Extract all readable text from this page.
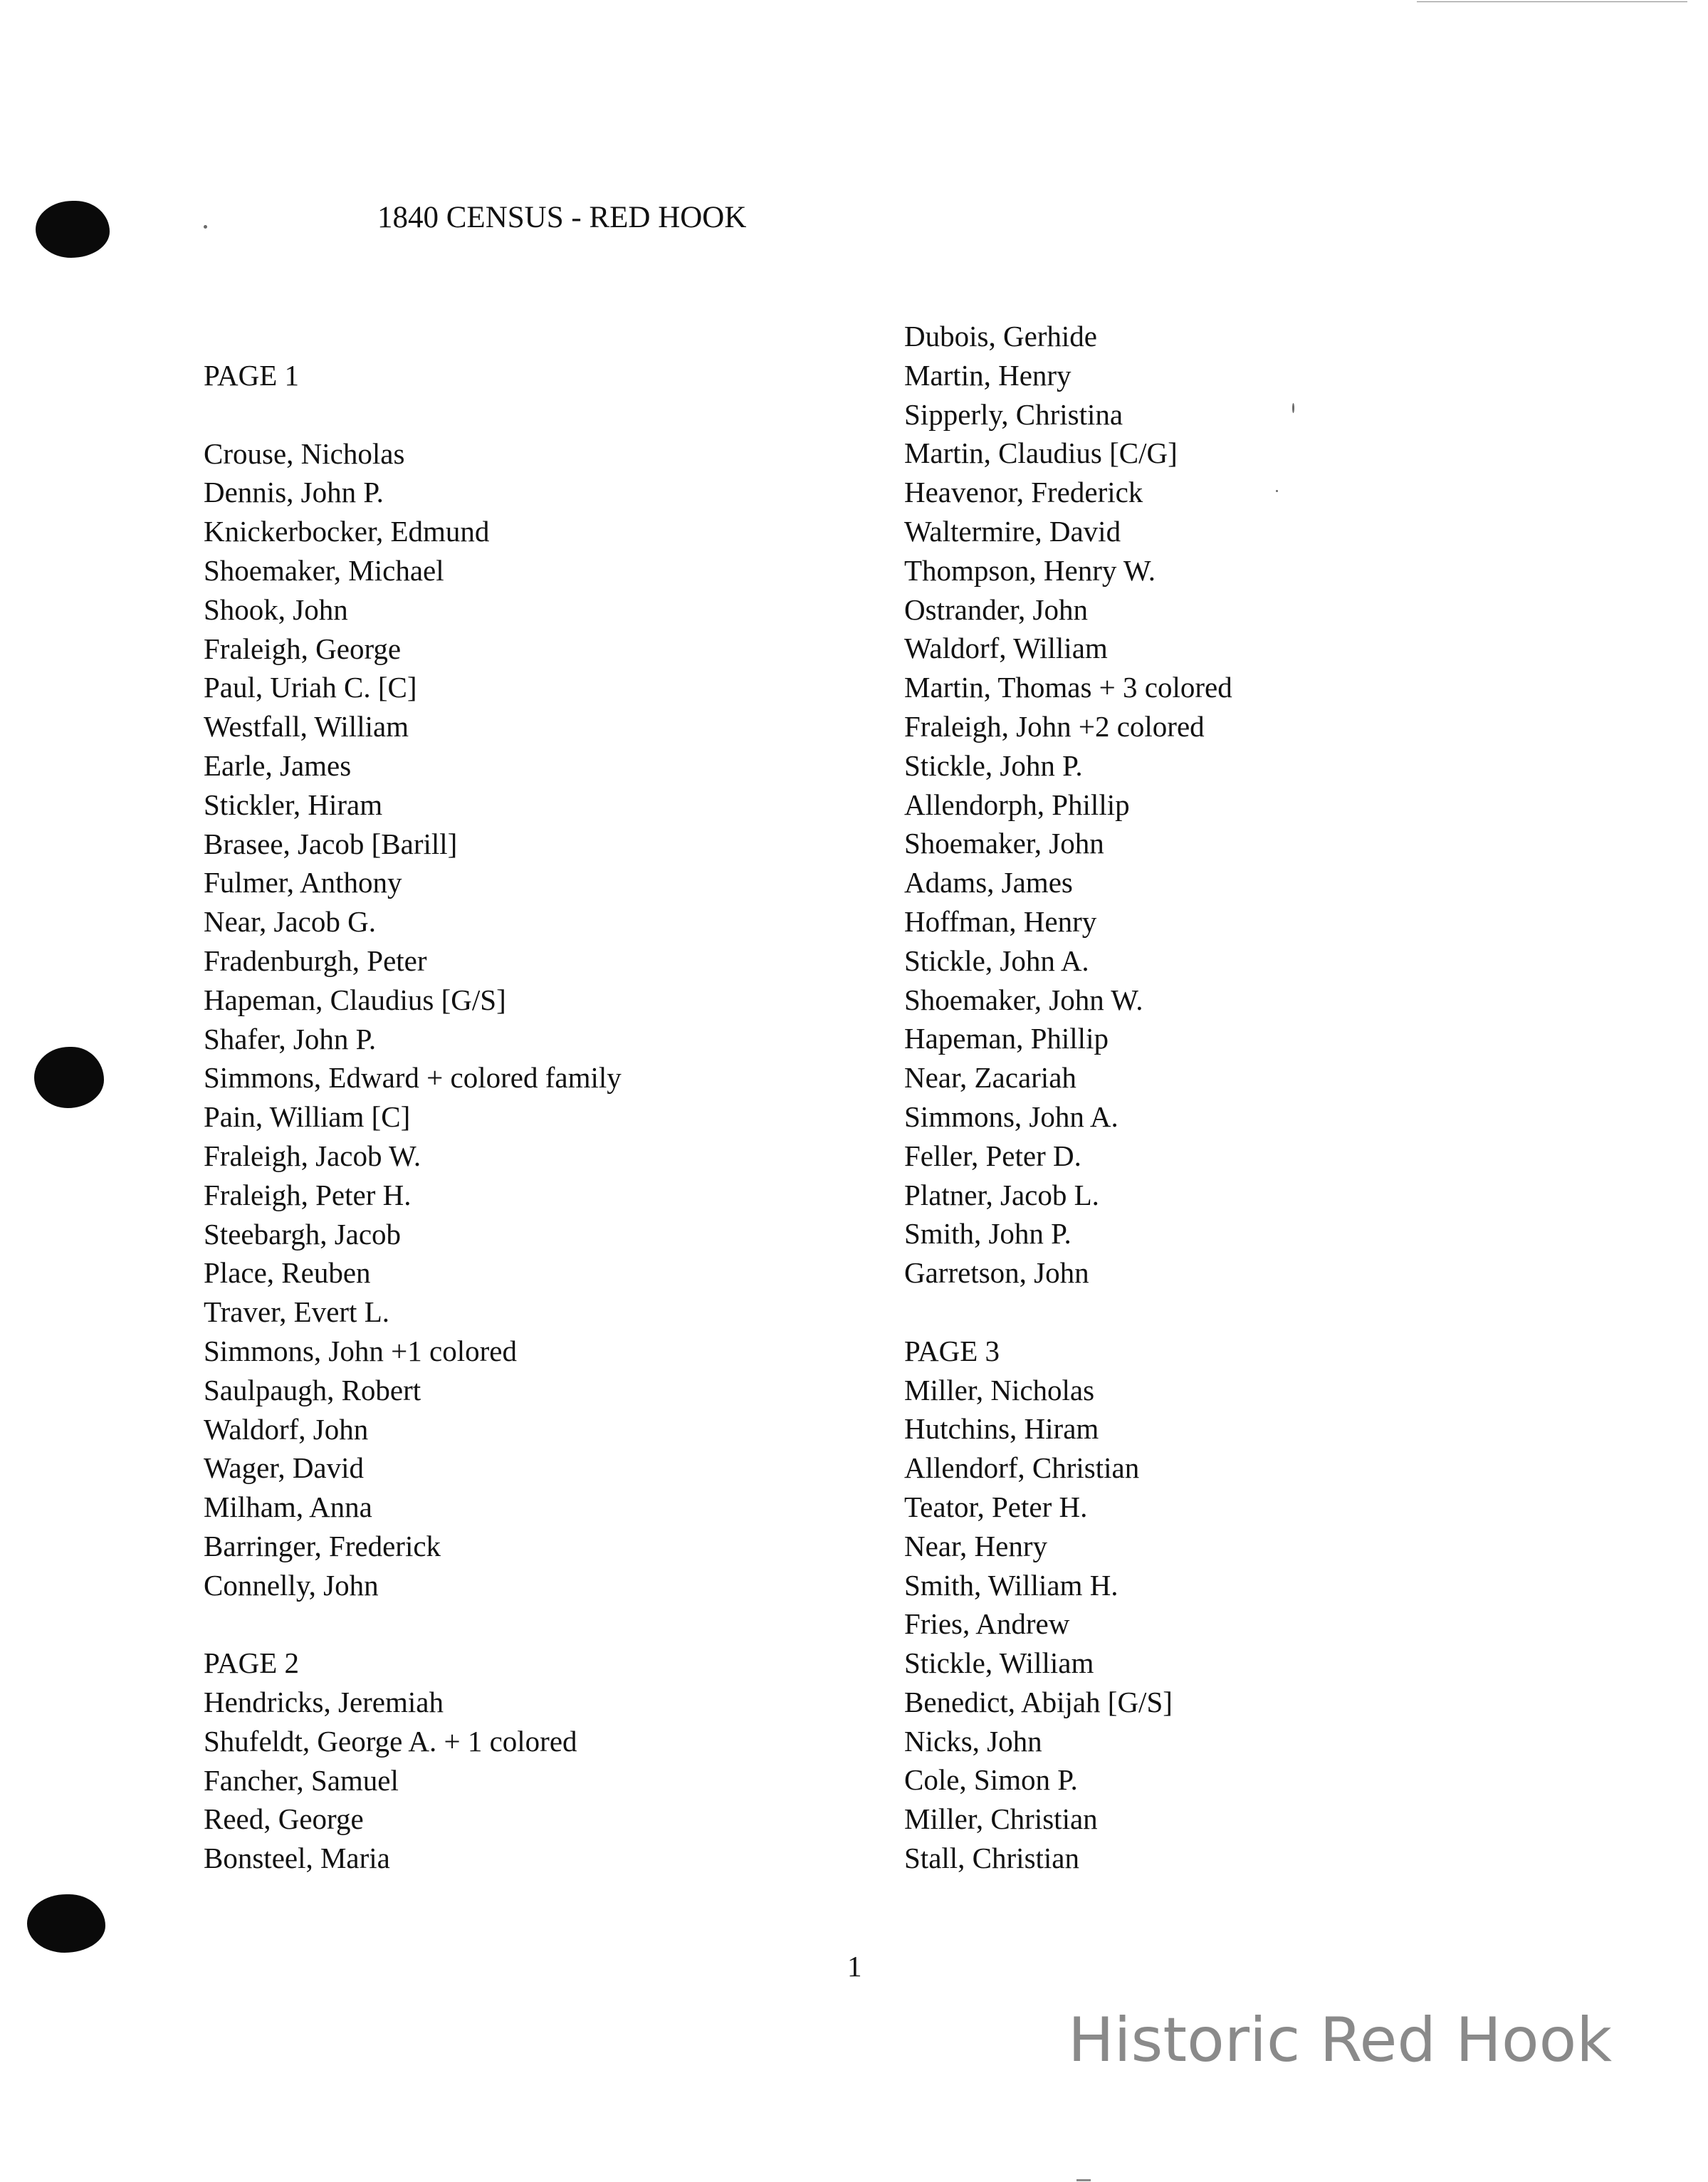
1840 CENSUS - RED HOOK
PAGE 1
Crouse, Nicholas
Dennis, John P.
Knickerbocker, Edmund
Shoemaker, Michael
Shook, John
Fraleigh, George
Paul, Uriah C. [C]
Westfall, William
Earle, James
Stickler, Hiram
Brasee, Jacob [Barill]
Fulmer, Anthony
Near, Jacob G.
Fradenburgh, Peter
Hapeman, Claudius [G/S]
Shafer, John P.
Simmons, Edward + colored family
Pain, William [C]
Fraleigh, Jacob W.
Fraleigh, Peter H.
Steebargh, Jacob
Place, Reuben
Traver, Evert L.
Simmons, John +1 colored
Saulpaugh, Robert
Waldorf, John
Wager, David
Milham, Anna
Barringer, Frederick
Connelly, John
PAGE 2
Hendricks, Jeremiah
Shufeldt, George A. + 1 colored
Fancher, Samuel
Reed, George
Bonsteel, Maria
Dubois, Gerhide
Martin, Henry
Sipperly, Christina
Martin, Claudius [C/G]
Heavenor, Frederick
Waltermire, David
Thompson, Henry W.
Ostrander, John
Waldorf, William
Martin, Thomas + 3 colored
Fraleigh, John +2 colored
Stickle, John P.
Allendorph, Phillip
Shoemaker, John
Adams, James
Hoffman, Henry
Stickle, John A.
Shoemaker, John W.
Hapeman, Phillip
Near, Zacariah
Simmons, John A.
Feller, Peter D.
Platner, Jacob L.
Smith, John P.
Garretson, John
PAGE 3
Miller, Nicholas
Hutchins, Hiram
Allendorf, Christian
Teator, Peter H.
Near, Henry
Smith, William H.
Fries, Andrew
Stickle, William
Benedict, Abijah [G/S]
Nicks, John
Cole, Simon P.
Miller, Christian
Stall, Christian
1
Historic Red Hook
